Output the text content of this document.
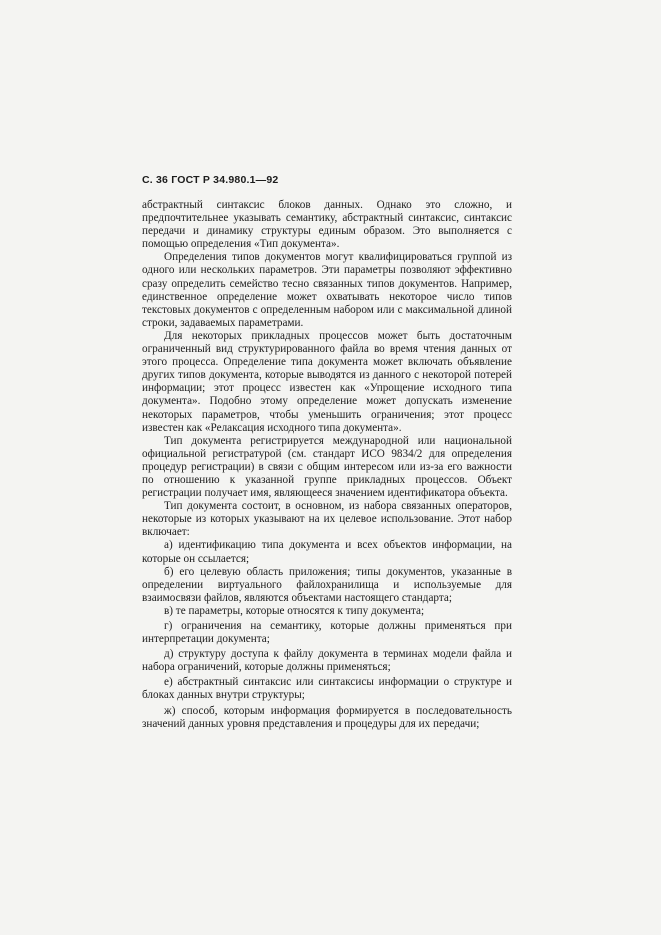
С. 36 ГОСТ Р 34.980.1—92

абстрактный синтаксис блоков данных. Однако это сложно, и предпочтительнее указывать семантику, абстрактный синтаксис, синтаксис передачи и динамику структуры единым образом. Это выполняется с помощью определения «Тип документа».

Определения типов документов могут квалифицироваться группой из одного или нескольких параметров. Эти параметры позволяют эффективно сразу определить семейство тесно связанных типов документов. Например, единственное определение может охватывать некоторое число типов текстовых документов с определенным набором или с максимальной длиной строки, задаваемых параметрами.

Для некоторых прикладных процессов может быть достаточным ограниченный вид структурированного файла во время чтения данных от этого процесса. Определение типа документа может включать объявление других типов документа, которые выводятся из данного с некоторой потерей информации; этот процесс известен как «Упрощение исходного типа документа». Подобно этому определение может допускать изменение некоторых параметров, чтобы уменьшить ограничения; этот процесс известен как «Релаксация исходного типа документа».

Тип документа регистрируется международной или национальной официальной регистратурой (см. стандарт ИСО 9834/2 для определения процедур регистрации) в связи с общим интересом или из-за его важности по отношению к указанной группе прикладных процессов. Объект регистрации получает имя, являющееся значением идентификатора объекта.

Тип документа состоит, в основном, из набора связанных операторов, некоторые из которых указывают на их целевое использование. Этот набор включает:

а) идентификацию типа документа и всех объектов информации, на которые он ссылается;

б) его целевую область приложения; типы документов, указанные в определении виртуального файлохранилища и используемые для взаимосвязи файлов, являются объектами настоящего стандарта;

в) те параметры, которые относятся к типу документа;

г) ограничения на семантику, которые должны применяться при интерпретации документа;

д) структуру доступа к файлу документа в терминах модели файла и набора ограничений, которые должны применяться;

е) абстрактный синтаксис или синтаксисы информации о структуре и блоках данных внутри структуры;

ж) способ, которым информация формируется в последовательность значений данных уровня представления и процедуры для их передачи;
